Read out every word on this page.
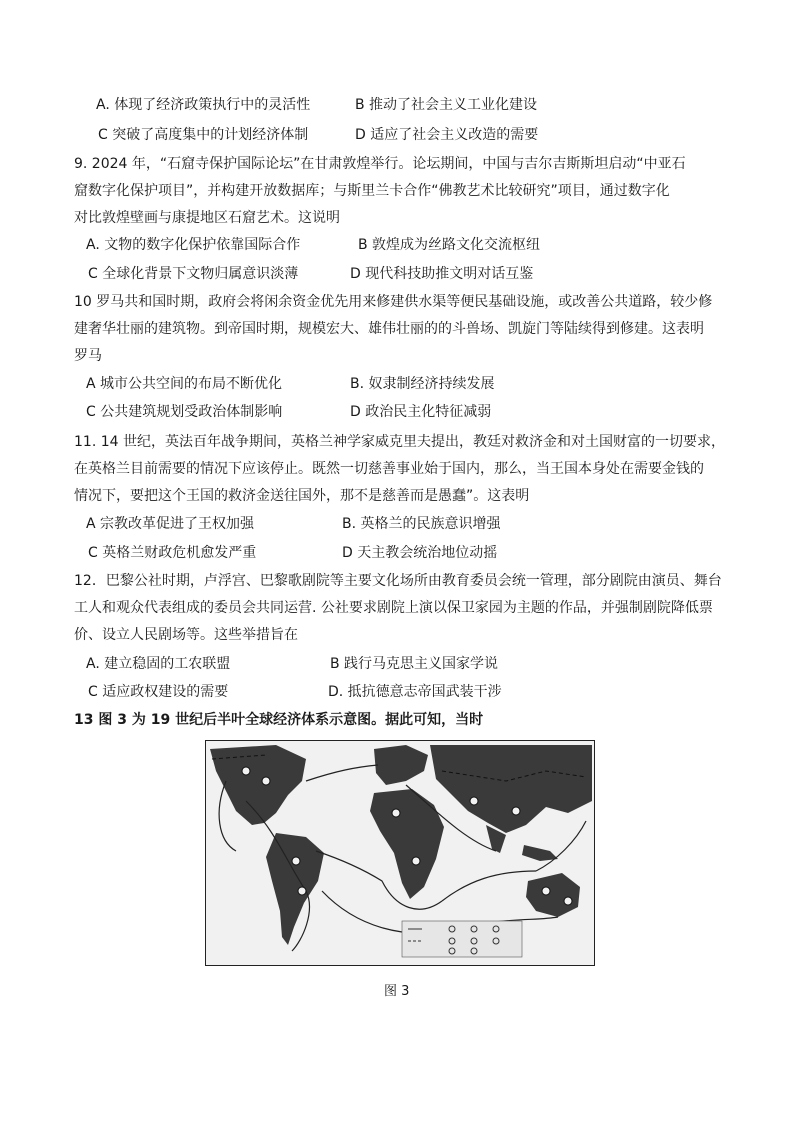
A. 体现了经济政策执行中的灵活性	B 推动了社会主义工业化建设
C 突破了高度集中的计划经济体制	D 适应了社会主义改造的需要
9. 2024 年，“石窟寺保护国际论坛”在甘肃敦煌举行。论坛期间，中国与吉尔吉斯斯坦启动“中亚石
窟数字化保护项目”，并构建开放数据库；与斯里兰卡合作“佛教艺术比较研究”项目，通过数字化
对比敦煌壁画与康提地区石窟艺术。这说明
A. 文物的数字化保护依靠国际合作	B 敦煌成为丝路文化交流枢纽
C 全球化背景下文物归属意识淡薄	D 现代科技助推文明对话互鉴
10 罗马共和国时期，政府会将闲余资金优先用来修建供水渠等便民基础设施，或改善公共道路，较少修
建奢华壮丽的建筑物。到帝国时期，规模宏大、雄伟壮丽的的斗兽场、凯旋门等陆续得到修建。这表明
罗马
A 城市公共空间的布局不断优化	B. 奴隶制经济持续发展
C 公共建筑规划受政治体制影响	D 政治民主化特征减弱
11. 14 世纪，英法百年战争期间，英格兰神学家威克里夫提出，教廷对救济金和对土国财富的一切要求，
在英格兰目前需要的情况下应该停止。既然一切慈善事业始于国内，那么，当王国本身处在需要金钱的
情况下，要把这个王国的救济金送往国外，那不是慈善而是愚蠢”。这表明
A 宗教改革促进了王权加强	B. 英格兰的民族意识增强
C 英格兰财政危机愈发严重	D 天主教会统治地位动摇
12．巴黎公社时期，卢浮宫、巴黎歌剧院等主要文化场所由教育委员会统一管理，部分剧院由演员、舞台
工人和观众代表组成的委员会共同运营. 公社要求剧院上演以保卫家园为主题的作品，并强制剧院降低票
价、设立人民剧场等。这些举措旨在
A. 建立稳固的工农联盟	B 践行马克思主义国家学说
C 适应政权建设的需要	D. 抵抗德意志帝国武装干涉
13 图 3 为 19 世纪后半叶全球经济体系示意图。据此可知，当时
图 3
